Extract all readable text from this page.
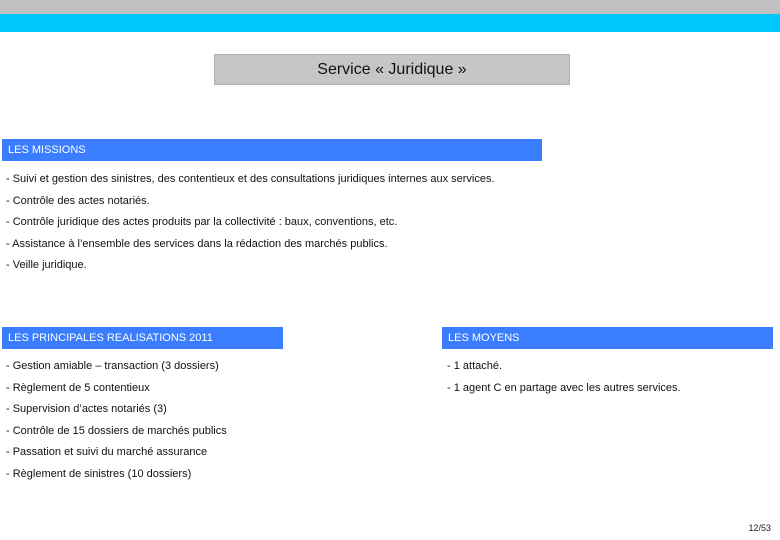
Service « Juridique »
LES MISSIONS
- Suivi et gestion des sinistres, des contentieux et des consultations juridiques internes aux services.
- Contrôle des actes notariés.
- Contrôle juridique des actes produits par la collectivité : baux, conventions, etc.
- Assistance à l’ensemble des services dans la rédaction des marchés publics.
- Veille juridique.
LES PRINCIPALES REALISATIONS 2011
- Gestion amiable – transaction (3 dossiers)
- Règlement de 5 contentieux
- Supervision d’actes notariés (3)
- Contrôle de 15 dossiers de marchés publics
- Passation et suivi du marché assurance
- Règlement de sinistres (10 dossiers)
LES MOYENS
- 1 attaché.
- 1 agent C en partage avec les autres services.
12/53
